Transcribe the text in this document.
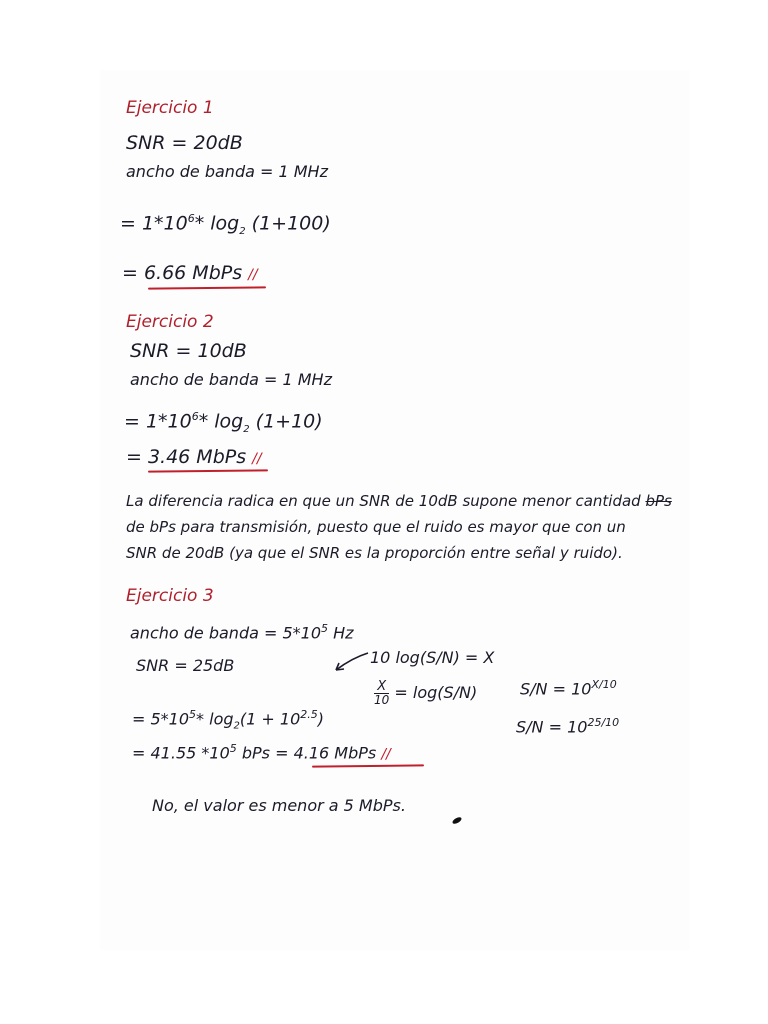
Ejercicio 1
SNR = 20dB
ancho de banda = 1 MHz
= $1*10^6*$ $\log_2 (1+100)$
= 6.66 MbPs //
Ejercicio 2
SNR = 10dB
ancho de banda = 1 MHz
= $1*10^6*$ $\log_2 (1+10)$
= 3.46 MbPs //
La diferencia radica en que un SNR de 10dB supone menor cantidad bPs
de bPs para transmisión, puesto que el ruido es mayor que con un
SNR de 20dB (ya que el SNR es la proporción entre señal y ruido).
Ejercicio 3
ancho de banda = $5*10^5$ Hz
SNR = 25dB	10 log(S/N) = X
$\frac{X}{10} = \log(S/N)$	$S/N = 10^{X/10}$
$S/N = 10^{25/10}$
= $5*10^5*$ $\log_2(1 + 10^{2.5})$
= 41.55 $*10^5$ bPs = 4.16 MbPs //
No, el valor es menor a 5 MbPs.
